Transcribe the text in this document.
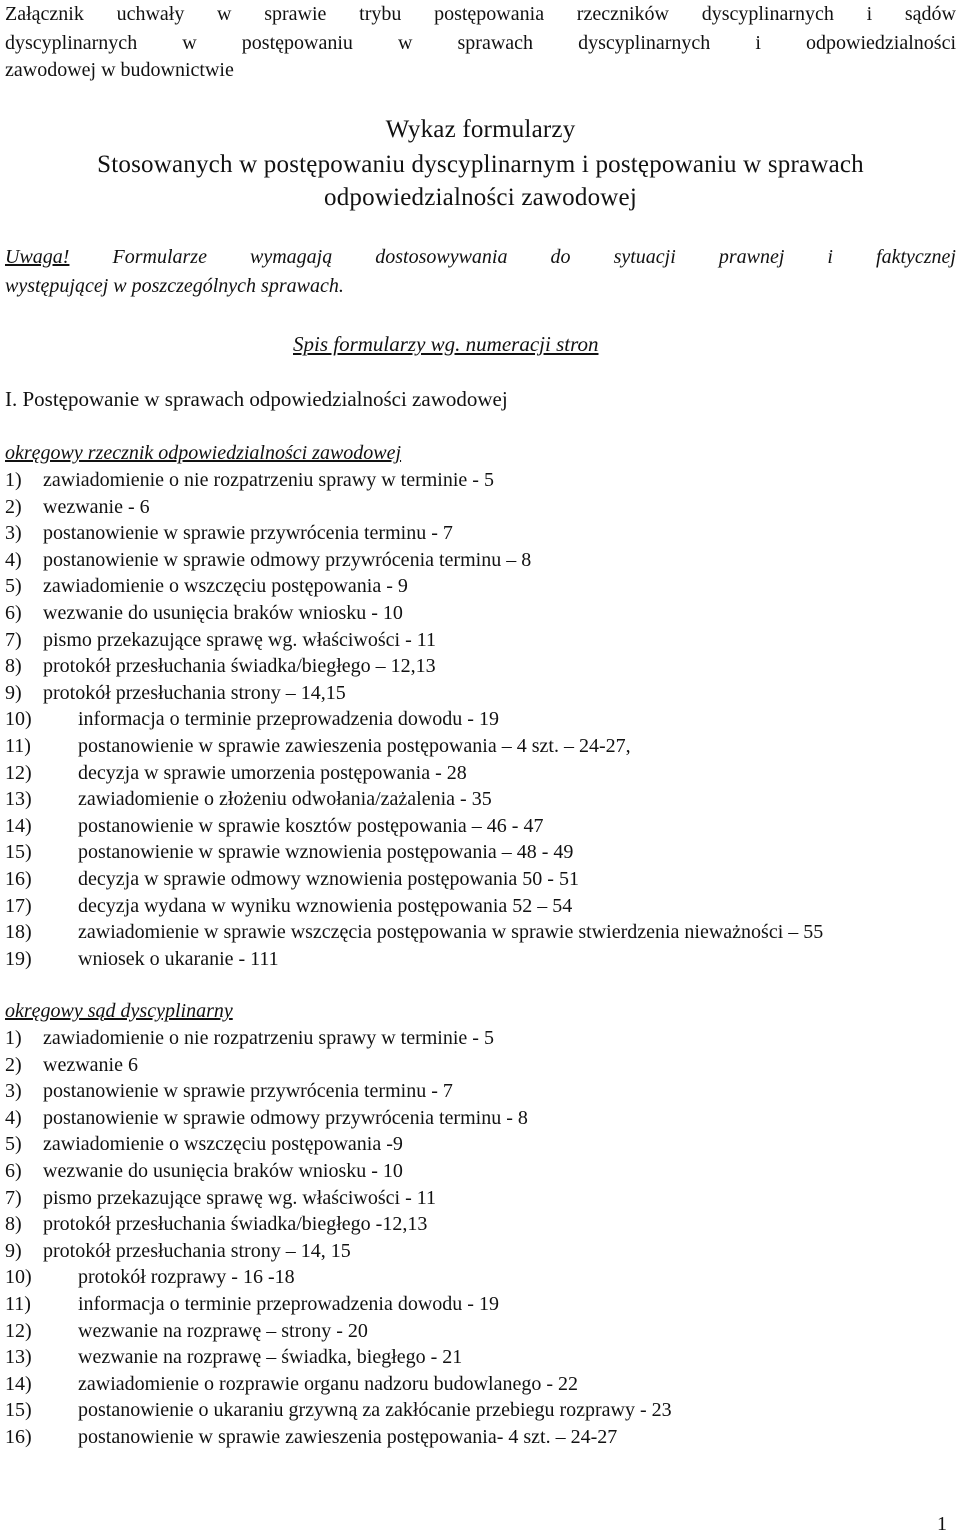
Załącznik uchwały w sprawie trybu postępowania rzeczników dyscyplinarnych i sądów
dyscyplinarnych w postępowaniu w sprawach dyscyplinarnych i odpowiedzialności
zawodowej w budownictwie
Wykaz formularzy
Stosowanych w postępowaniu dyscyplinarnym i postępowaniu w sprawach
odpowiedzialności zawodowej
Uwaga! Formularze wymagają dostosowywania do sytuacji prawnej i faktycznej
występującej w poszczególnych sprawach.
Spis formularzy wg. numeracji stron
I. Postępowanie w sprawach odpowiedzialności zawodowej
okręgowy rzecznik odpowiedzialności zawodowej
1) zawiadomienie o nie rozpatrzeniu sprawy w terminie - 5
2) wezwanie - 6
3) postanowienie w sprawie przywrócenia terminu - 7
4) postanowienie w sprawie odmowy przywrócenia terminu – 8
5) zawiadomienie o wszczęciu postępowania - 9
6) wezwanie do usunięcia braków wniosku - 10
7) pismo przekazujące sprawę wg. właściwości - 11
8) protokół przesłuchania świadka/biegłego – 12,13
9) protokół przesłuchania strony – 14,15
10) informacja o terminie przeprowadzenia dowodu - 19
11) postanowienie w sprawie zawieszenia postępowania – 4 szt. – 24-27,
12) decyzja w sprawie umorzenia postępowania - 28
13) zawiadomienie o złożeniu odwołania/zażalenia - 35
14) postanowienie w sprawie kosztów postępowania – 46 - 47
15) postanowienie w sprawie wznowienia postępowania – 48 - 49
16) decyzja w sprawie odmowy wznowienia postępowania 50 - 51
17) decyzja wydana w wyniku wznowienia postępowania 52 – 54
18) zawiadomienie w sprawie wszczęcia postępowania w sprawie stwierdzenia nieważności – 55
19) wniosek o ukaranie - 111
okręgowy sąd dyscyplinarny
1) zawiadomienie o nie rozpatrzeniu sprawy w terminie - 5
2) wezwanie 6
3) postanowienie w sprawie przywrócenia terminu - 7
4) postanowienie w sprawie odmowy przywrócenia terminu - 8
5) zawiadomienie o wszczęciu postępowania -9
6) wezwanie do usunięcia braków wniosku - 10
7) pismo przekazujące sprawę wg. właściwości - 11
8) protokół przesłuchania świadka/biegłego -12,13
9) protokół przesłuchania strony – 14, 15
10) protokół rozprawy - 16 -18
11) informacja o terminie przeprowadzenia dowodu - 19
12) wezwanie na rozprawę – strony - 20
13) wezwanie na rozprawę – świadka, biegłego - 21
14) zawiadomienie o rozprawie organu nadzoru budowlanego - 22
15) postanowienie o ukaraniu grzywną za zakłócanie przebiegu rozprawy - 23
16) postanowienie w sprawie zawieszenia postępowania- 4 szt. – 24-27
1
